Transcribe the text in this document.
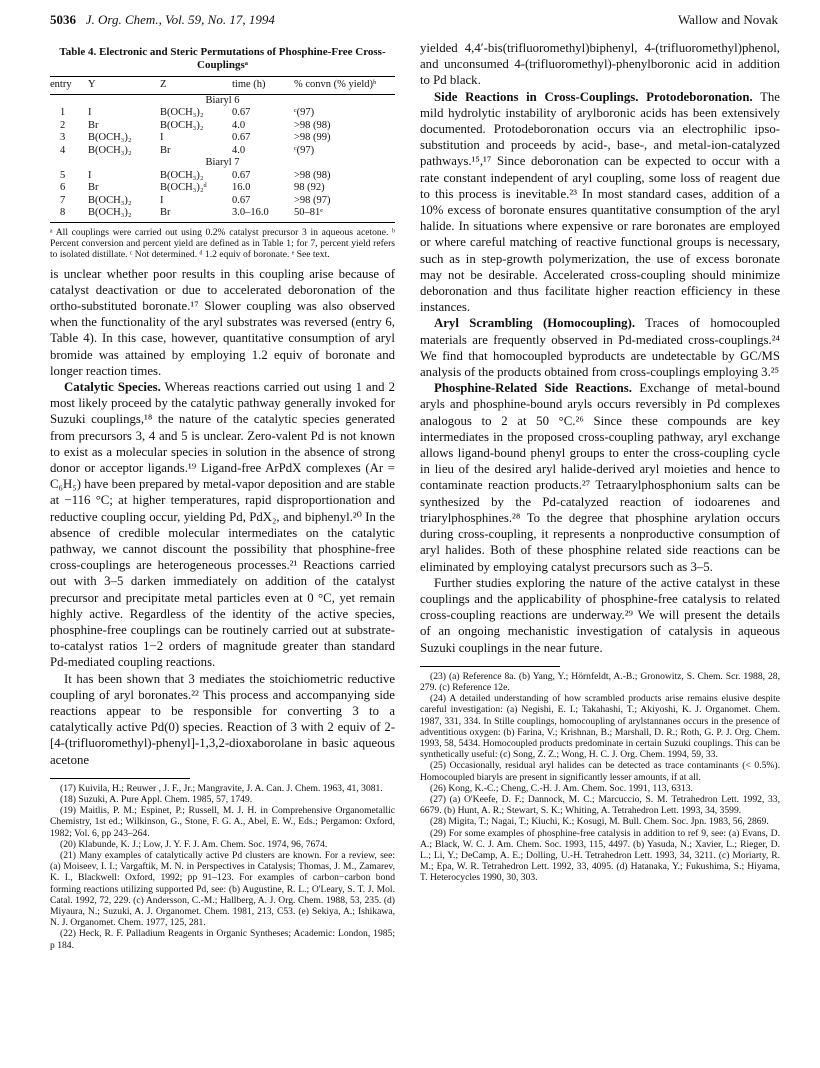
5036 J. Org. Chem., Vol. 59, No. 17, 1994	Wallow and Novak
Table 4. Electronic and Steric Permutations of Phosphine-Free Cross-Couplingsᵃ
entry	Y	Z	time (h)	% convn (% yield)ᵇ
Biaryl 6				
1	I	B(OCH₃)₂	0.67	ᶜ(97)
2	Br	B(OCH₃)₂	4.0	>98 (98)
3	B(OCH₃)₂	I	0.67	>98 (99)
4	B(OCH₃)₂	Br	4.0	ᶜ(97)
Biaryl 7				
5	I	B(OCH₃)₂	0.67	>98 (98)
6	Br	B(OCH₃)₂ᵈ	16.0	98 (92)
7	B(OCH₃)₂	I	0.67	>98 (97)
8	B(OCH₃)₂	Br	3.0–16.0	50–81ᵉ
ᵃ All couplings were carried out using 0.2% catalyst precursor 3 in aqueous acetone. ᵇ Percent conversion and percent yield are defined as in Table 1; for 7, percent yield refers to isolated distillate. ᶜ Not determined. ᵈ 1.2 equiv of boronate. ᵉ See text.

is unclear whether poor results in this coupling arise because of catalyst deactivation or due to accelerated deboronation of the ortho-substituted boronate.¹⁷ Slower coupling was also observed when the functionality of the aryl substrates was reversed (entry 6, Table 4). In this case, however, quantitative consumption of aryl bromide was attained by employing 1.2 equiv of boronate and longer reaction times.

Catalytic Species. Whereas reactions carried out using 1 and 2 most likely proceed by the catalytic pathway generally invoked for Suzuki couplings,¹⁸ the nature of the catalytic species generated from precursors 3, 4 and 5 is unclear. Zero-valent Pd is not known to exist as a molecular species in solution in the absence of strong donor or acceptor ligands.¹⁹ Ligand-free ArPdX complexes (Ar = C₆H₅) have been prepared by metal-vapor deposition and are stable at −116 °C; at higher temperatures, rapid disproportionation and reductive coupling occur, yielding Pd, PdX₂, and biphenyl.²⁰ In the absence of credible molecular intermediates on the catalytic pathway, we cannot discount the possibility that phosphine-free cross-couplings are heterogeneous processes.²¹ Reactions carried out with 3–5 darken immediately on addition of the catalyst precursor and precipitate metal particles even at 0 °C, yet remain highly active. Regardless of the identity of the active species, phosphine-free couplings can be routinely carried out at substrate-to-catalyst ratios 1−2 orders of magnitude greater than standard Pd-mediated coupling reactions.

It has been shown that 3 mediates the stoichiometric reductive coupling of aryl boronates.²² This process and accompanying side reactions appear to be responsible for converting 3 to a catalytically active Pd(0) species. Reaction of 3 with 2 equiv of 2-[4-(trifluoromethyl)-phenyl]-1,3,2-dioxaborolane in basic aqueous acetone

(17) Kuivila, H.; Reuwer , J. F., Jr.; Mangravite, J. A. Can. J. Chem. 1963, 41, 3081.

(18) Suzuki, A. Pure Appl. Chem. 1985, 57, 1749.

(19) Maitlis, P. M.; Espinet, P.; Russell, M. J. H. in Comprehensive Organometallic Chemistry, 1st ed.; Wilkinson, G., Stone, F. G. A., Abel, E. W., Eds.; Pergamon: Oxford, 1982; Vol. 6, pp 243–264.

(20) Klabunde, K. J.; Low, J. Y. F. J. Am. Chem. Soc. 1974, 96, 7674.

(21) Many examples of catalytically active Pd clusters are known. For a review, see: (a) Moiseev, I. I.; Vargaftik, M. N. in Perspectives in Catalysis; Thomas, J. M., Zamarev, K. I., Blackwell: Oxford, 1992; pp 91–123. For examples of carbon−carbon bond forming reactions utilizing supported Pd, see: (b) Augustine, R. L.; O'Leary, S. T. J. Mol. Catal. 1992, 72, 229. (c) Andersson, C.-M.; Hallberg, A. J. Org. Chem. 1988, 53, 235. (d) Miyaura, N.; Suzuki, A. J. Organomet. Chem. 1981, 213, C53. (e) Sekiya, A.; Ishikawa, N. J. Organomet. Chem. 1977, 125, 281.

(22) Heck, R. F. Palladium Reagents in Organic Syntheses; Academic: London, 1985; p 184.

yielded 4,4′-bis(trifluoromethyl)biphenyl, 4-(trifluoromethyl)phenol, and unconsumed 4-(trifluoromethyl)-phenylboronic acid in addition to Pd black.

Side Reactions in Cross-Couplings. Protodeboronation. The mild hydrolytic instability of arylboronic acids has been extensively documented. Protodeboronation occurs via an electrophilic ipso- substitution and proceeds by acid-, base-, and metal-ion-catalyzed pathways.¹⁵,¹⁷ Since deboronation can be expected to occur with a rate constant independent of aryl coupling, some loss of reagent due to this process is inevitable.²³ In most standard cases, addition of a 10% excess of boronate ensures quantitative consumption of the aryl halide. In situations where expensive or rare boronates are employed or where careful matching of reactive functional groups is necessary, such as in step-growth polymerization, the use of excess boronate may not be desirable. Accelerated cross-coupling should minimize deboronation and thus facilitate higher reaction efficiency in these instances.

Aryl Scrambling (Homocoupling). Traces of homocoupled materials are frequently observed in Pd-mediated cross-couplings.²⁴ We find that homocoupled byproducts are undetectable by GC/MS analysis of the products obtained from cross-couplings employing 3.²⁵

Phosphine-Related Side Reactions. Exchange of metal-bound aryls and phosphine-bound aryls occurs reversibly in Pd complexes analogous to 2 at 50 °C.²⁶ Since these compounds are key intermediates in the proposed cross-coupling pathway, aryl exchange allows ligand-bound phenyl groups to enter the cross-coupling cycle in lieu of the desired aryl halide-derived aryl moieties and hence to contaminate reaction products.²⁷ Tetraarylphosphonium salts can be synthesized by the Pd-catalyzed reaction of iodoarenes and triarylphosphines.²⁸ To the degree that phosphine arylation occurs during cross-coupling, it represents a nonproductive consumption of aryl halides. Both of these phosphine related side reactions can be eliminated by employing catalyst precursors such as 3–5.

Further studies exploring the nature of the active catalyst in these couplings and the applicability of phosphine-free catalysis to related cross-coupling reactions are underway.²⁹ We will present the details of an ongoing mechanistic investigation of catalysis in aqueous Suzuki couplings in the near future.

(23) (a) Reference 8a. (b) Yang, Y.; Hörnfeldt, A.-B.; Gronowitz, S. Chem. Scr. 1988, 28, 279. (c) Reference 12e.

(24) A detailed understanding of how scrambled products arise remains elusive despite careful investigation: (a) Negishi, E. I.; Takahashi, T.; Akiyoshi, K. J. Organomet. Chem. 1987, 331, 334. In Stille couplings, homocoupling of arylstannanes occurs in the presence of adventitious oxygen: (b) Farina, V.; Krishnan, B.; Marshall, D. R.; Roth, G. P. J. Org. Chem. 1993, 58, 5434. Homocoupled products predominate in certain Suzuki couplings. This can be synthetically useful: (c) Song, Z. Z.; Wong, H. C. J. Org. Chem. 1994, 59, 33.

(25) Occasionally, residual aryl halides can be detected as trace contaminants (< 0.5%). Homocoupled biaryls are present in significantly lesser amounts, if at all.

(26) Kong, K.-C.; Cheng, C.-H. J. Am. Chem. Soc. 1991, 113, 6313.

(27) (a) O'Keefe, D. F.; Dannock, M. C.; Marcuccio, S. M. Tetrahedron Lett. 1992, 33, 6679. (b) Hunt, A. R.; Stewart, S. K.; Whiting, A. Tetrahedron Lett. 1993, 34, 3599.

(28) Migita, T.; Nagai, T.; Kiuchi, K.; Kosugi, M. Bull. Chem. Soc. Jpn. 1983, 56, 2869.

(29) For some examples of phosphine-free catalysis in addition to ref 9, see: (a) Evans, D. A.; Black, W. C. J. Am. Chem. Soc. 1993, 115, 4497. (b) Yasuda, N.; Xavier, L.; Rieger, D. L.; Li, Y.; DeCamp, A. E.; Dolling, U.-H. Tetrahedron Lett. 1993, 34, 3211. (c) Moriarty, R. M.; Epa, W. R. Tetrahedron Lett. 1992, 33, 4095. (d) Hatanaka, Y.; Fukushima, S.; Hiyama, T. Heterocycles 1990, 30, 303.
